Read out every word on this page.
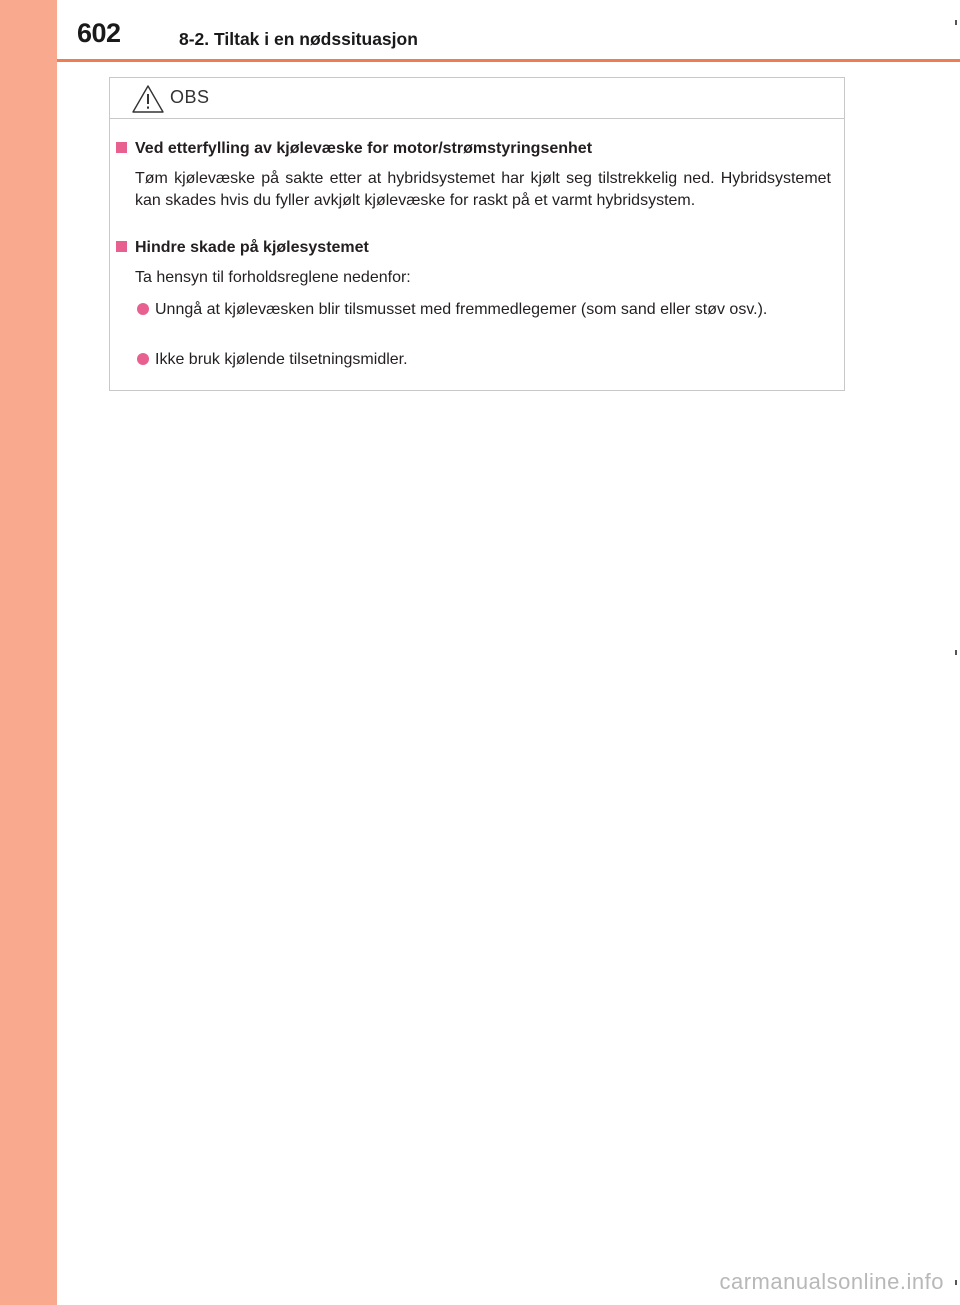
602	8-2. Tiltak i en nødssituasjon
OBS
Ved etterfylling av kjølevæske for motor/strømstyringsenhet
Tøm kjølevæske på sakte etter at hybridsystemet har kjølt seg tilstrekkelig ned. Hybridsystemet kan skades hvis du fyller avkjølt kjølevæske for raskt på et varmt hybridsystem.
Hindre skade på kjølesystemet
Ta hensyn til forholdsreglene nedenfor:
Unngå at kjølevæsken blir tilsmusset med fremmedlegemer (som sand eller støv osv.).
Ikke bruk kjølende tilsetningsmidler.
carmanualsonline.info
